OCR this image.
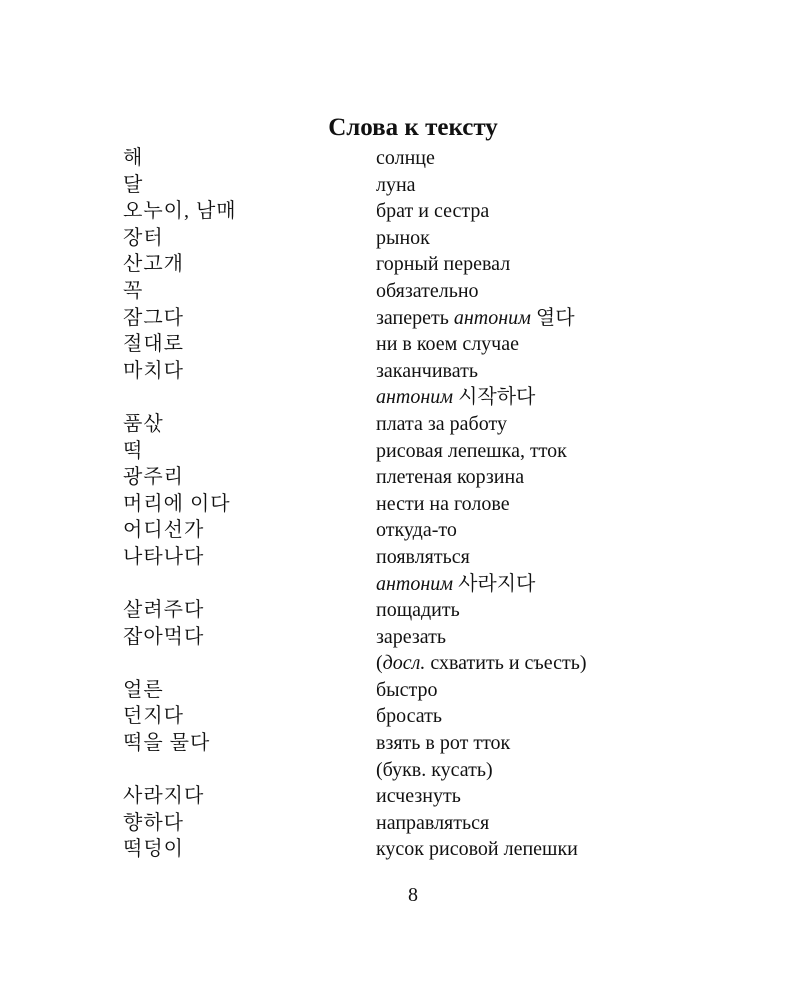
Слова к тексту
해	солнце
달	луна
오누이, 남매	брат и сестра
장터	рынок
산고개	горный перевал
꼭	обязательно
잠그다	запереть антоним 열다
절대로	ни в коем случае
마치다	заканчивать
антоним 시작하다
품삯	плата за работу
떡	рисовая лепешка, тток
광주리	плетеная корзина
머리에 이다	нести на голове
어디선가	откуда-то
나타나다	появляться
антоним 사라지다
살려주다	пощадить
잡아먹다	зарезать
(досл. схватить и съесть)
얼른	быстро
던지다	бросать
떡을 물다	взять в рот тток
(букв. кусать)
사라지다	исчезнуть
향하다	направляться
떡덩이	кусок рисовой лепешки
8
